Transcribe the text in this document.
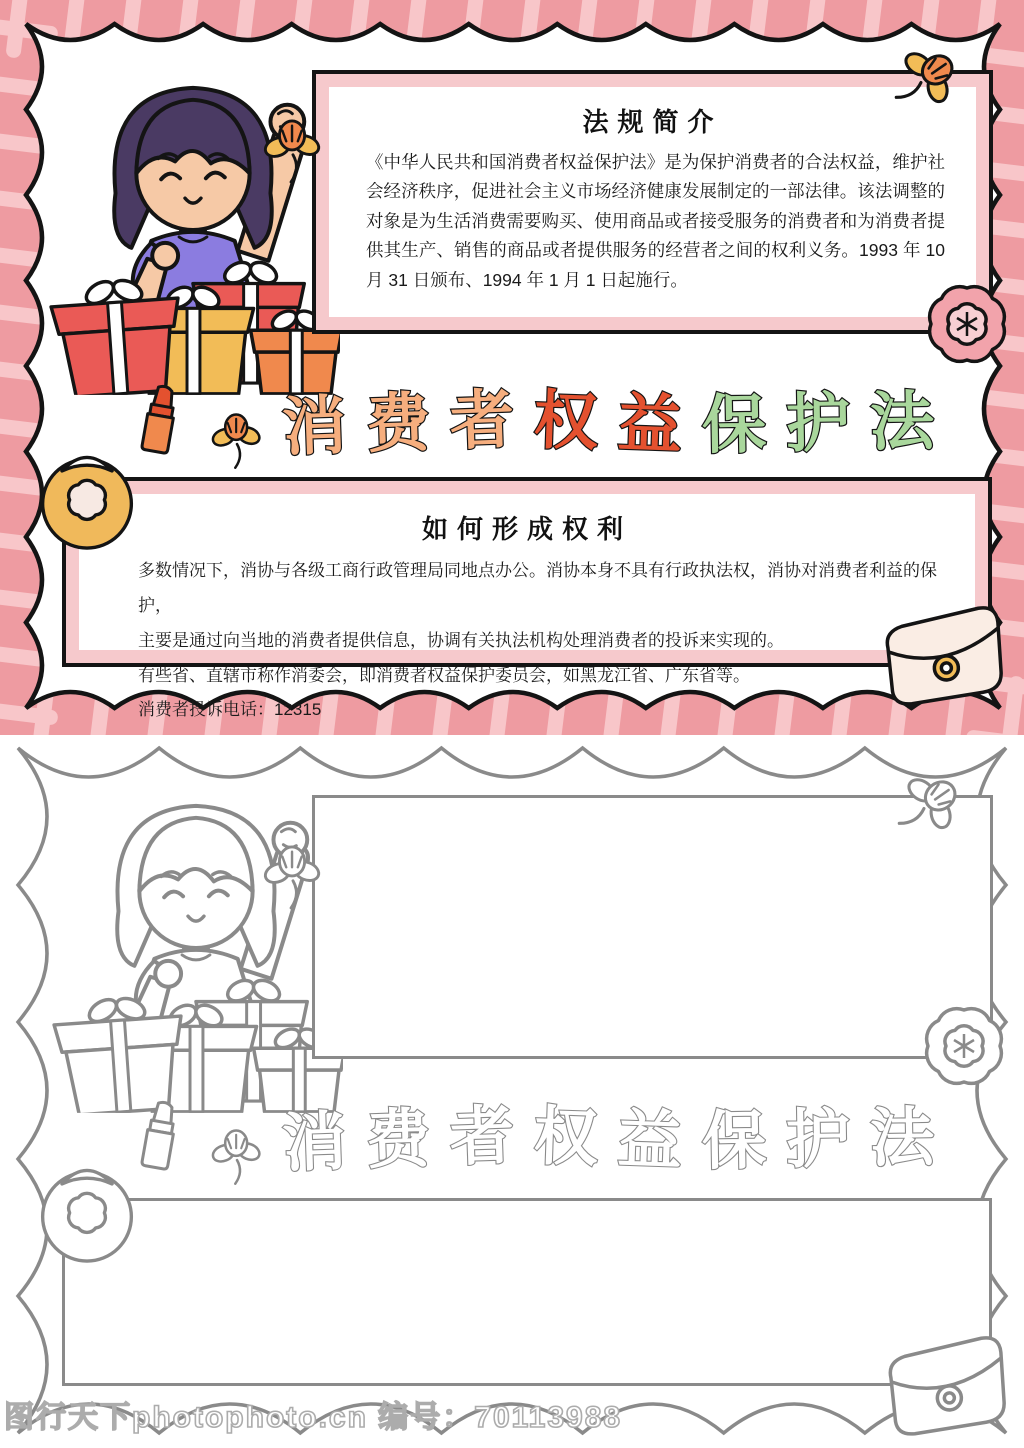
法规简介
《中华人民共和国消费者权益保护法》是为保护消费者的合法权益，维护社会经济秩序，促进社会主义市场经济健康发展制定的一部法律。该法调整的对象是为生活消费需要购买、使用商品或者接受服务的消费者和为消费者提供其生产、销售的商品或者提供服务的经营者之间的权利义务。1993 年 10 月 31 日颁布、1994 年 1 月 1 日起施行。
消费者权益保护法
如何形成权利
多数情况下，消协与各级工商行政管理局同地点办公。消协本身不具有行政执法权，消协对消费者利益的保护，
主要是通过向当地的消费者提供信息，协调有关执法机构处理消费者的投诉来实现的。
有些省、直辖市称作消委会，即消费者权益保护委员会，如黑龙江省、广东省等。
消费者投诉电话：12315
消费者权益保护法
图行天下photophoto.cn 编号：70113988
